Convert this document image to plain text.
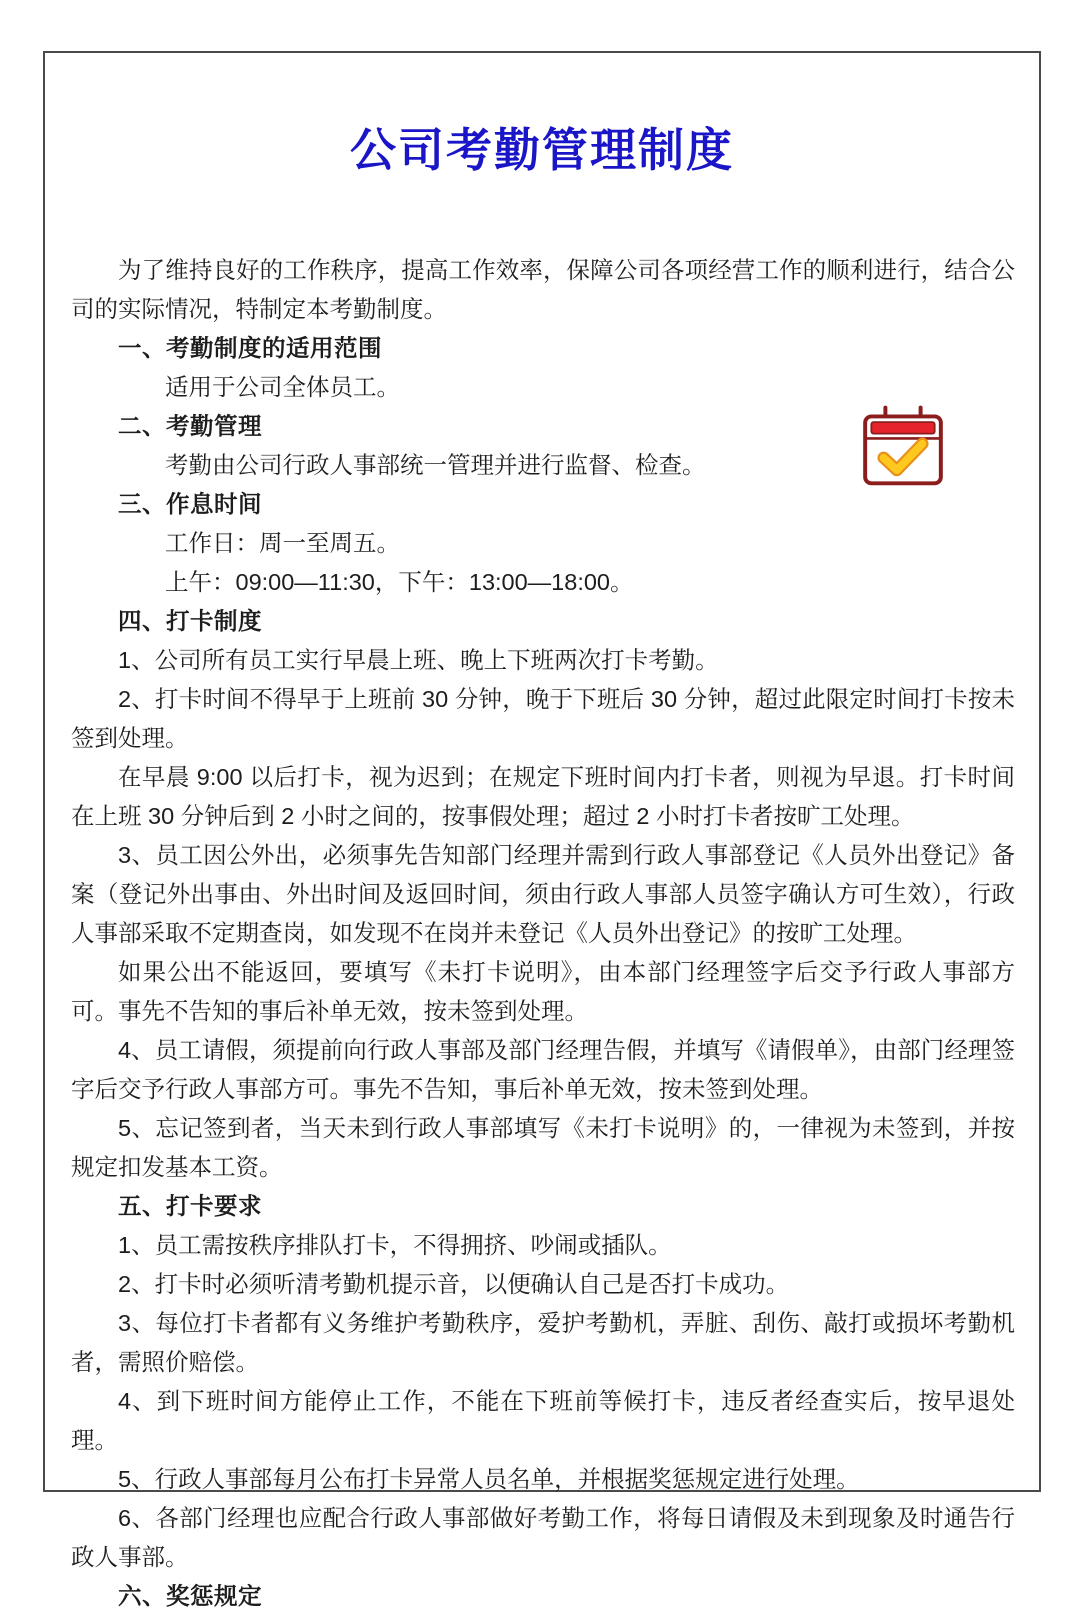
公司考勤管理制度

为了维持良好的工作秩序，提高工作效率，保障公司各项经营工作的顺利进行，结合公司的实际情况，特制定本考勤制度。

一、考勤制度的适用范围

适用于公司全体员工。

二、考勤管理

考勤由公司行政人事部统一管理并进行监督、检查。

三、作息时间

工作日：周一至周五。

上午：09:00—11:30，下午：13:00—18:00。

四、打卡制度

1、公司所有员工实行早晨上班、晚上下班两次打卡考勤。

2、打卡时间不得早于上班前 30 分钟，晚于下班后 30 分钟，超过此限定时间打卡按未签到处理。

在早晨 9:00 以后打卡，视为迟到；在规定下班时间内打卡者，则视为早退。打卡时间在上班 30 分钟后到 2 小时之间的，按事假处理；超过 2 小时打卡者按旷工处理。

3、员工因公外出，必须事先告知部门经理并需到行政人事部登记《人员外出登记》备案（登记外出事由、外出时间及返回时间，须由行政人事部人员签字确认方可生效），行政人事部采取不定期查岗，如发现不在岗并未登记《人员外出登记》的按旷工处理。

如果公出不能返回，要填写《未打卡说明》，由本部门经理签字后交予行政人事部方可。事先不告知的事后补单无效，按未签到处理。

4、员工请假，须提前向行政人事部及部门经理告假，并填写《请假单》，由部门经理签字后交予行政人事部方可。事先不告知，事后补单无效，按未签到处理。

5、忘记签到者，当天未到行政人事部填写《未打卡说明》的，一律视为未签到，并按规定扣发基本工资。

五、打卡要求

1、员工需按秩序排队打卡，不得拥挤、吵闹或插队。

2、打卡时必须听清考勤机提示音，以便确认自己是否打卡成功。

3、每位打卡者都有义务维护考勤秩序，爱护考勤机，弄脏、刮伤、敲打或损坏考勤机者，需照价赔偿。

4、到下班时间方能停止工作，不能在下班前等候打卡，违反者经查实后，按早退处理。

5、行政人事部每月公布打卡异常人员名单，并根据奖惩规定进行处理。

6、各部门经理也应配合行政人事部做好考勤工作，将每日请假及未到现象及时通告行政人事部。

六、奖惩规定
